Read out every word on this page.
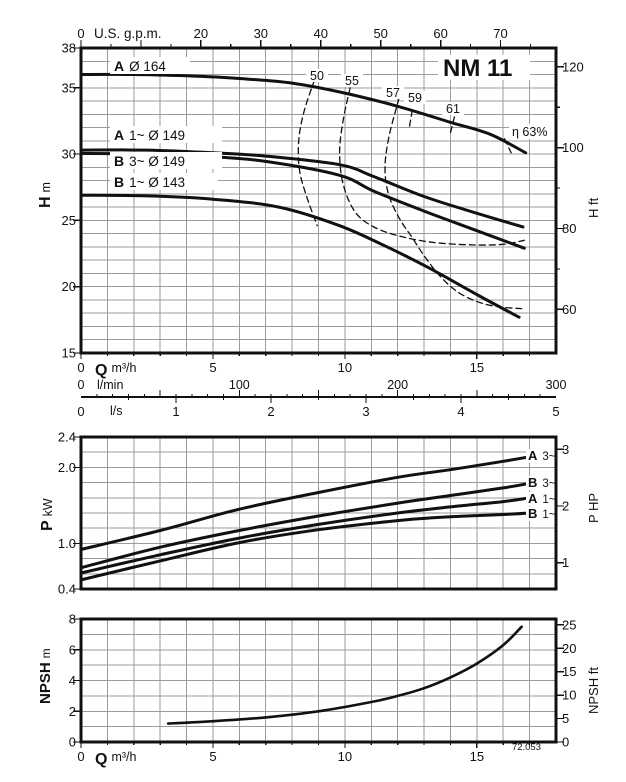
A Ø 164
A 1~ Ø 149
B 3~ Ø 149
B 1~ Ø 143
50 55
57 59
61
η 63%
0	20	30	40	50	60	70
U.S. g.p.m.
15
20
25
30
35
38
Hm
60
80
100
120
H ft
0	5	10	15
Q m³/h
0	100	200	300
l/min
0	1	2	3	4	5
l/s
A 3~
B 3~
A 1~
B 1~
0.4
1.0
2.0
2.4
PkW
1
2
3
P HP
0
2
4
6
8
NPSHm
0
5
10
15
20
25
NPSH ft
0	5	10	15
Q m³/h
NM 11
72.053
